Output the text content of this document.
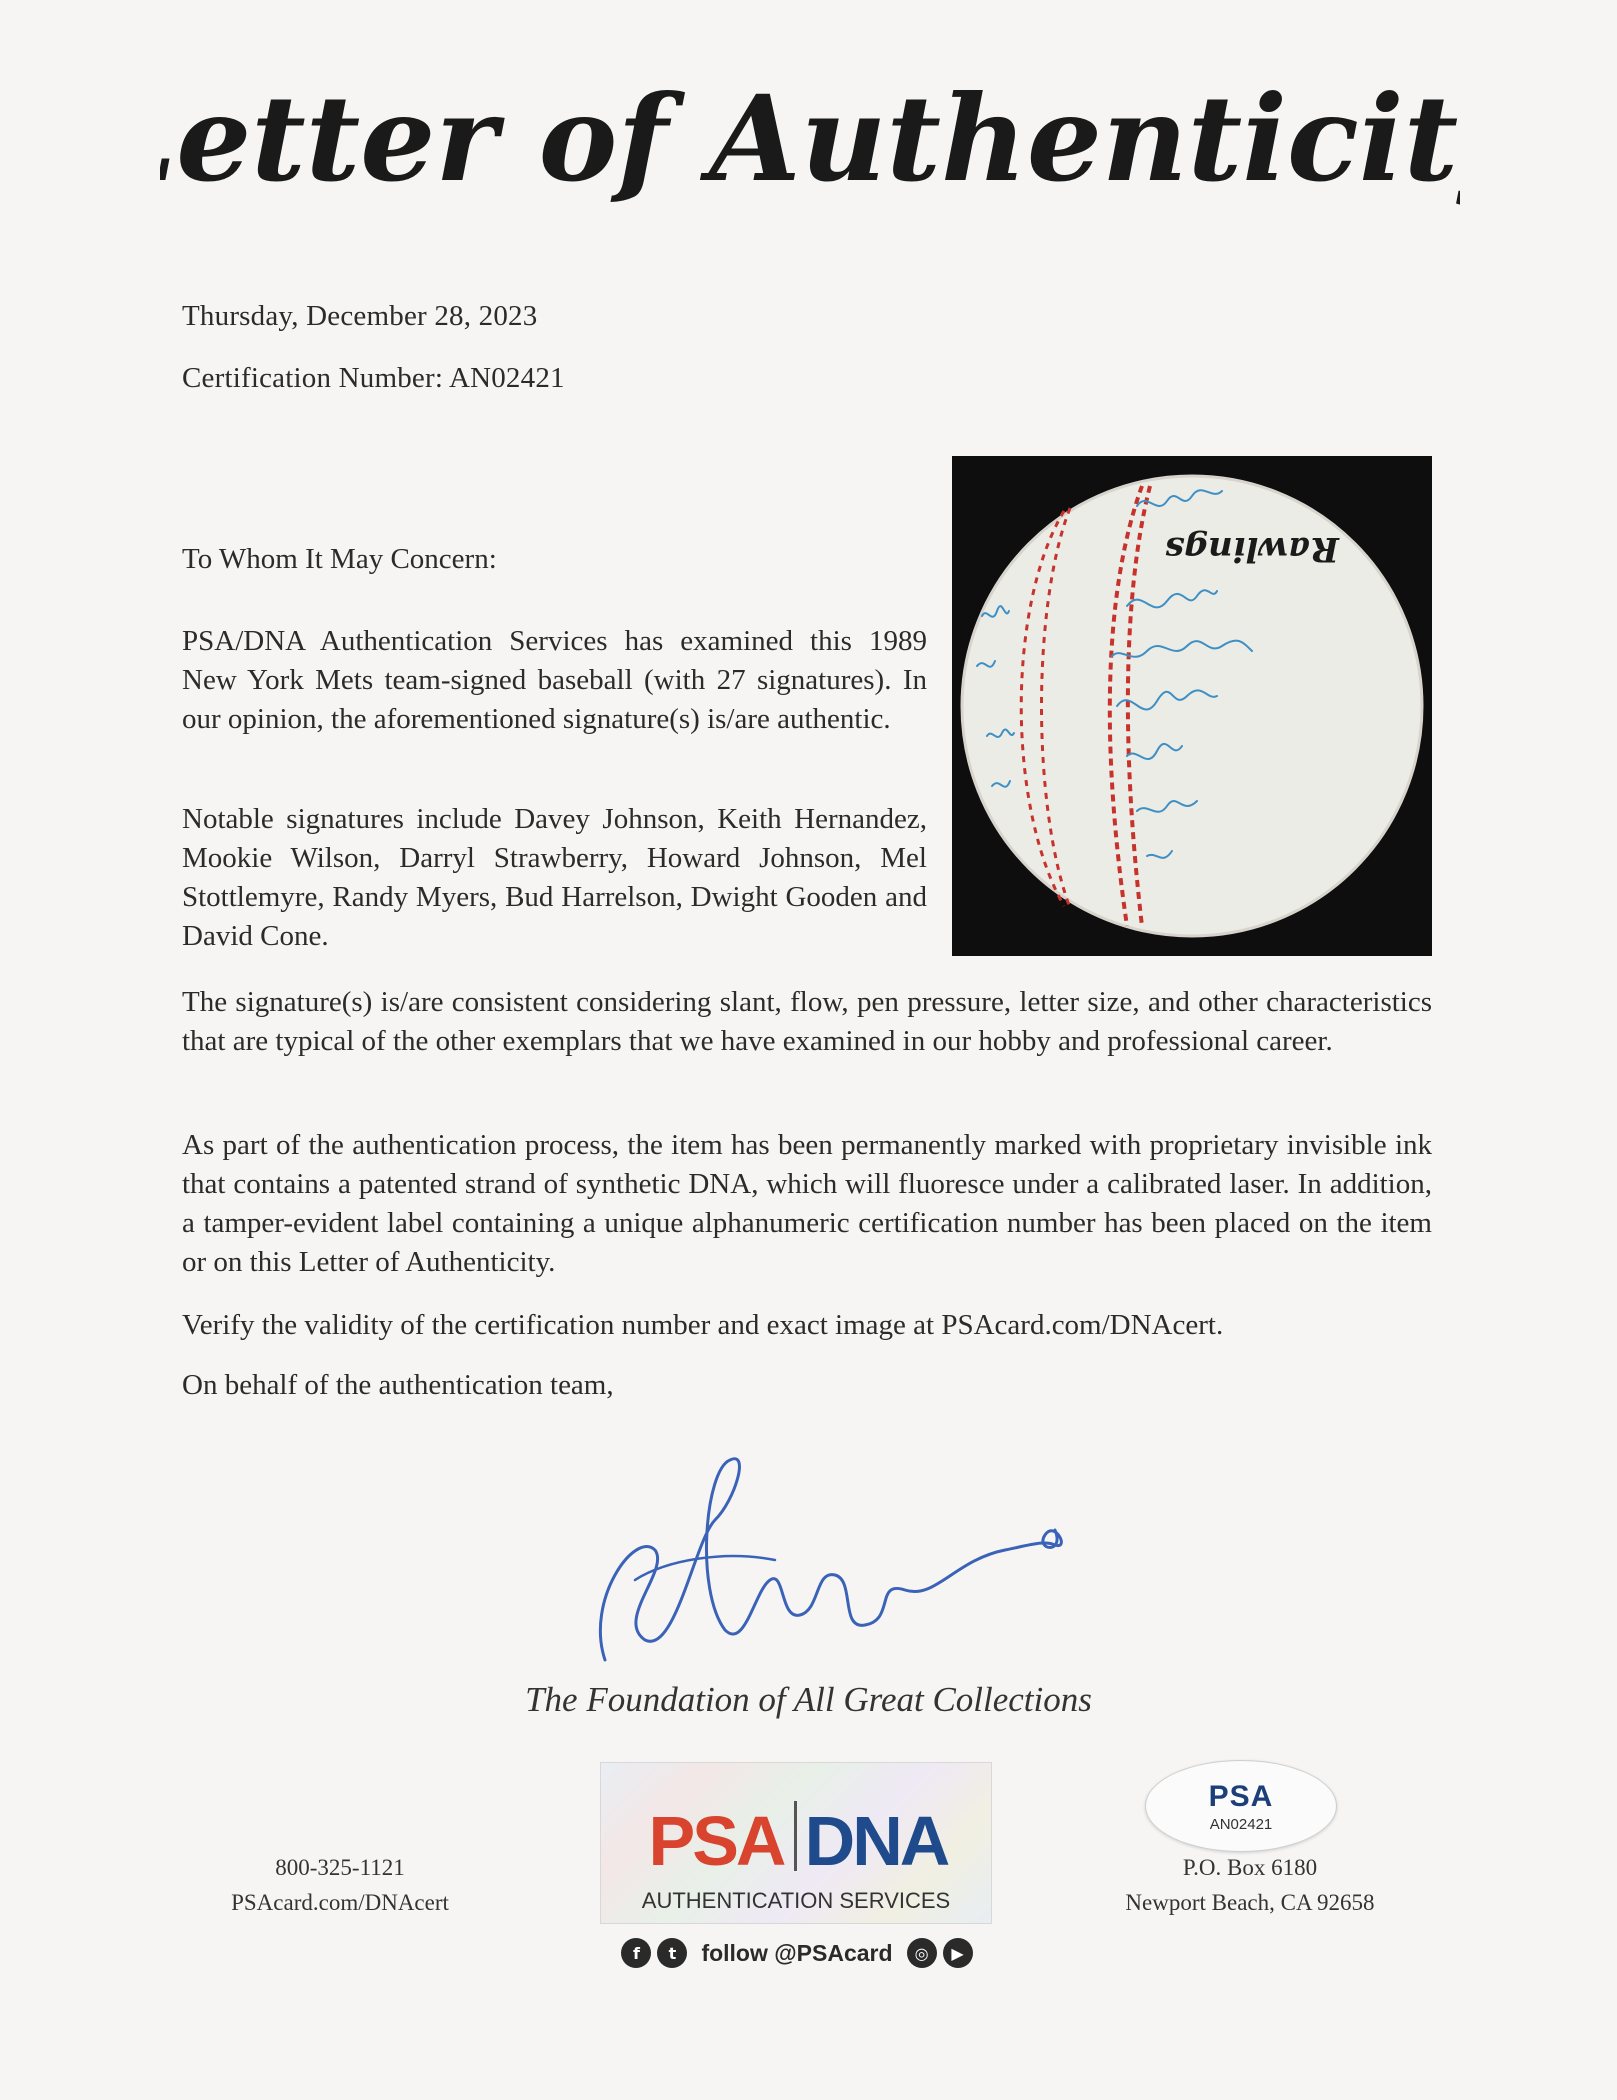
Letter of Authenticity
Thursday, December 28, 2023
Certification Number: AN02421
Rawlings
To Whom It May Concern:
PSA/DNA Authentication Services has examined this 1989 New York Mets team-signed baseball (with 27 signatures). In our opinion, the aforementioned signature(s) is/are authentic.
Notable signatures include Davey Johnson, Keith Hernandez, Mookie Wilson, Darryl Strawberry, Howard Johnson, Mel Stottlemyre, Randy Myers, Bud Harrelson, Dwight Gooden and David Cone.
The signature(s) is/are consistent considering slant, flow, pen pressure, letter size, and other characteristics that are typical of the other exemplars that we have examined in our hobby and professional career.
As part of the authentication process, the item has been permanently marked with proprietary invisible ink that contains a patented strand of synthetic DNA, which will fluoresce under a calibrated laser. In addition, a tamper-evident label containing a unique alphanumeric certification number has been placed on the item or on this Letter of Authenticity.
Verify the validity of the certification number and exact image at PSAcard.com/DNAcert.
On behalf of the authentication team,
The Foundation of All Great Collections
800-325-1121
PSAcard.com/DNAcert
PSA DNA
AUTHENTICATION SERVICES
f	t	follow @PSAcard	◎	▶
PSA
AN02421
P.O. Box 6180
Newport Beach, CA 92658
